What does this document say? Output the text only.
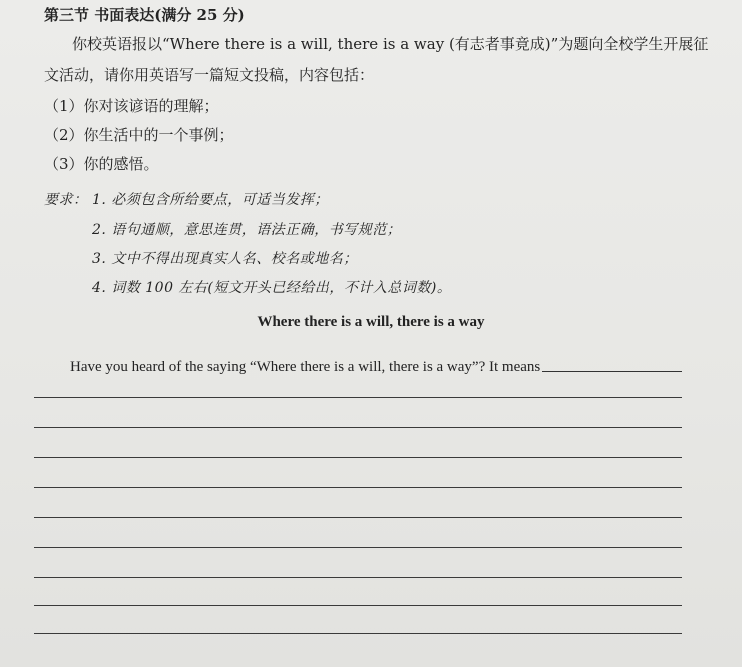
第三节 书面表达(满分 25 分)
你校英语报以“Where there is a will, there is a way (有志者事竟成)”为题向全校学生开展征
文活动，请你用英语写一篇短文投稿，内容包括：
（1）你对该谚语的理解；
（2）你生活中的一个事例；
（3）你的感悟。
要求： 1. 必须包含所给要点，可适当发挥；
2. 语句通顺，意思连贯，语法正确，书写规范；
3. 文中不得出现真实人名、校名或地名；
4. 词数 100 左右(短文开头已经给出，不计入总词数)。
Where there is a will, there is a way
Have you heard of the saying “Where there is a will, there is a way”? It means
